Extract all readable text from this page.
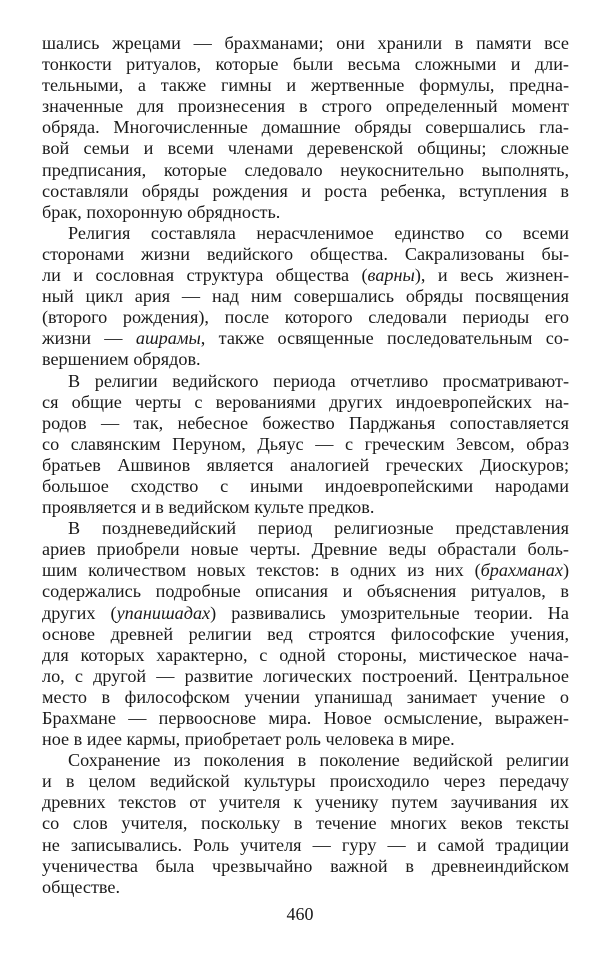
шались жрецами — брахманами; они хранили в памяти все
тонкости ритуалов, которые были весьма сложными и дли-
тельными, а также гимны и жертвенные формулы, предна-
значенные для произнесения в строго определенный момент
обряда. Многочисленные домашние обряды совершались гла-
вой семьи и всеми членами деревенской общины; сложные
предписания, которые следовало неукоснительно выполнять,
составляли обряды рождения и роста ребенка, вступления в
брак, похоронную обрядность.

Религия составляла нерасчленимое единство со всеми
сторонами жизни ведийского общества. Сакрализованы бы-
ли и сословная структура общества (варны), и весь жизнен-
ный цикл ария — над ним совершались обряды посвящения
(второго рождения), после которого следовали периоды его
жизни — ашрамы, также освященные последовательным со-
вершением обрядов.

В религии ведийского периода отчетливо просматривают-
ся общие черты с верованиями других индоевропейских на-
родов — так, небесное божество Парджанья сопоставляется
со славянским Перуном, Дьяус — с греческим Зевсом, образ
братьев Ашвинов является аналогией греческих Диоскуров;
большое сходство с иными индоевропейскими народами
проявляется и в ведийском культе предков.

В поздневедийский период религиозные представления
ариев приобрели новые черты. Древние веды обрастали боль-
шим количеством новых текстов: в одних из них (брахманах)
содержались подробные описания и объяснения ритуалов, в
других (упанишадах) развивались умозрительные теории. На
основе древней религии вед строятся философские учения,
для которых характерно, с одной стороны, мистическое нача-
ло, с другой — развитие логических построений. Центральное
место в философском учении упанишад занимает учение о
Брахмане — первооснове мира. Новое осмысление, выражен-
ное в идее кармы, приобретает роль человека в мире.

Сохранение из поколения в поколение ведийской религии
и в целом ведийской культуры происходило через передачу
древних текстов от учителя к ученику путем заучивания их
со слов учителя, поскольку в течение многих веков тексты
не записывались. Роль учителя — гуру — и самой традиции
ученичества была чрезвычайно важной в древнеиндийском
обществе.

460
